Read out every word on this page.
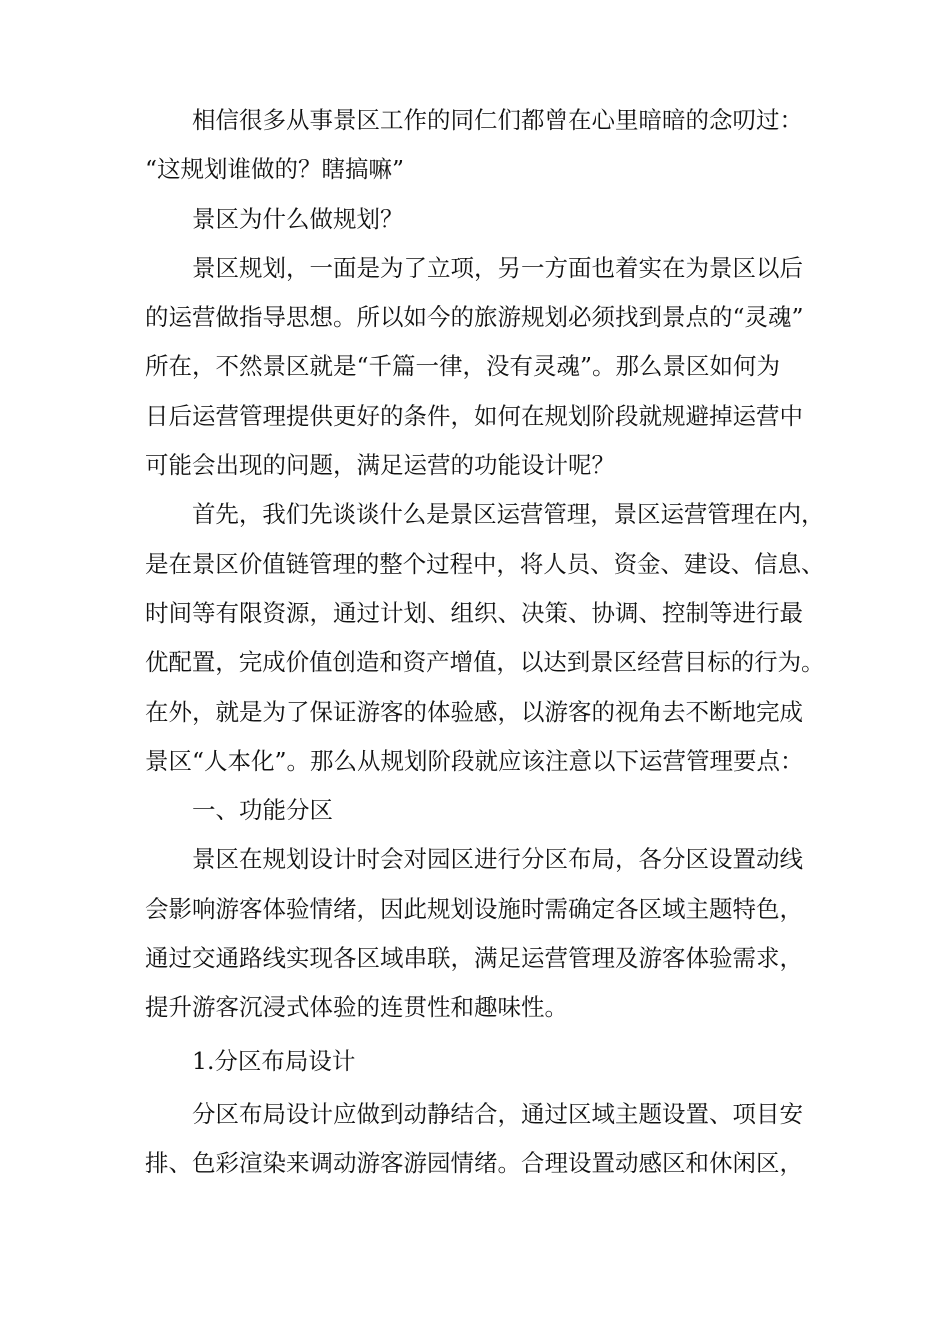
相信很多从事景区工作的同仁们都曾在心里暗暗的念叨过：
“这规划谁做的？瞎搞嘛”
景区为什么做规划？
景区规划，一面是为了立项，另一方面也着实在为景区以后
的运营做指导思想。所以如今的旅游规划必须找到景点的“灵魂”
所在，不然景区就是“千篇一律，没有灵魂”。那么景区如何为
日后运营管理提供更好的条件，如何在规划阶段就规避掉运营中
可能会出现的问题，满足运营的功能设计呢？
首先，我们先谈谈什么是景区运营管理，景区运营管理在内，
是在景区价值链管理的整个过程中，将人员、资金、建设、信息、
时间等有限资源，通过计划、组织、决策、协调、控制等进行最
优配置，完成价值创造和资产增值，以达到景区经营目标的行为。
在外，就是为了保证游客的体验感，以游客的视角去不断地完成
景区“人本化”。那么从规划阶段就应该注意以下运营管理要点：
一、功能分区
景区在规划设计时会对园区进行分区布局，各分区设置动线
会影响游客体验情绪，因此规划设施时需确定各区域主题特色，
通过交通路线实现各区域串联，满足运营管理及游客体验需求，
提升游客沉浸式体验的连贯性和趣味性。
1.分区布局设计
分区布局设计应做到动静结合，通过区域主题设置、项目安
排、色彩渲染来调动游客游园情绪。合理设置动感区和休闲区，
